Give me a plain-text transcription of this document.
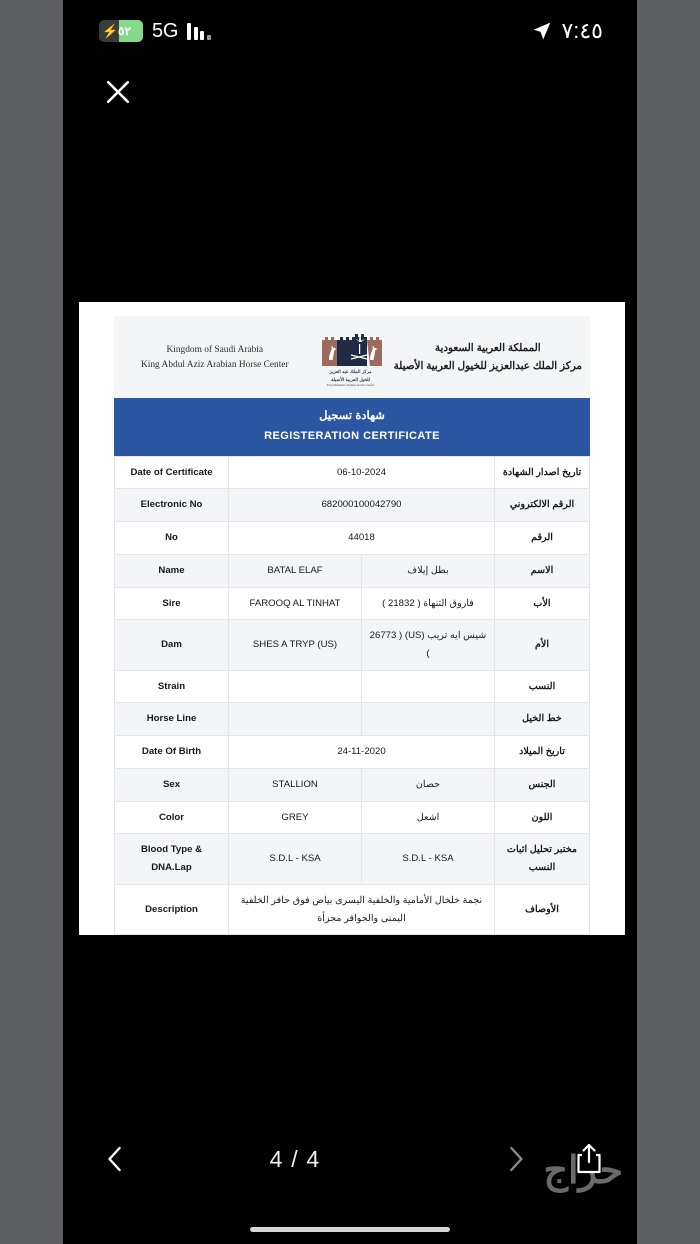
⚡ ٥٢	5G	٧:٤٥
Kingdom of Saudi Arabia
King Abdul Aziz Arabian Horse Center
مركز الملك عبد العزيز
للخيل العربية الأصيلة
King Abdulaziz Arabian Horse Center
المملكة العربية السعودية
مركز الملك عبدالعزيز للخيول العربية الأصيلة
شهادة تسجيل
REGISTERATION CERTIFICATE
Date of Certificate	06-10-2024		تاريخ اصدار الشهادة
Electronic No	682000100042790		الرقم الالكتروني
No	44018		الرقم
Name	BATAL ELAF	بطل إيلاف	الاسم
Sire	FAROOQ AL TINHAT	فاروق التنهاة ( 21832 )	الأب
Dam	SHES A TRYP (US)	شيس ايه تريب (US) ( 26773 )	الأم
Strain			النسب
Horse Line			خط الخيل
Date Of Birth	24-11-2020		تاريخ الميلاد
Sex	STALLION	حصان	الجنس
Color	GREY	اشعل	اللون
Blood Type & DNA.Lap	S.D.L - KSA	S.D.L - KSA	مختبر تحليل اثبات النسب
Description	نجمة خلخال الأمامية والخلفية اليسرى بياض فوق حافر الخلفية اليمنى والحوافر مجزأة		الأوصاف
حراج
4 / 4
